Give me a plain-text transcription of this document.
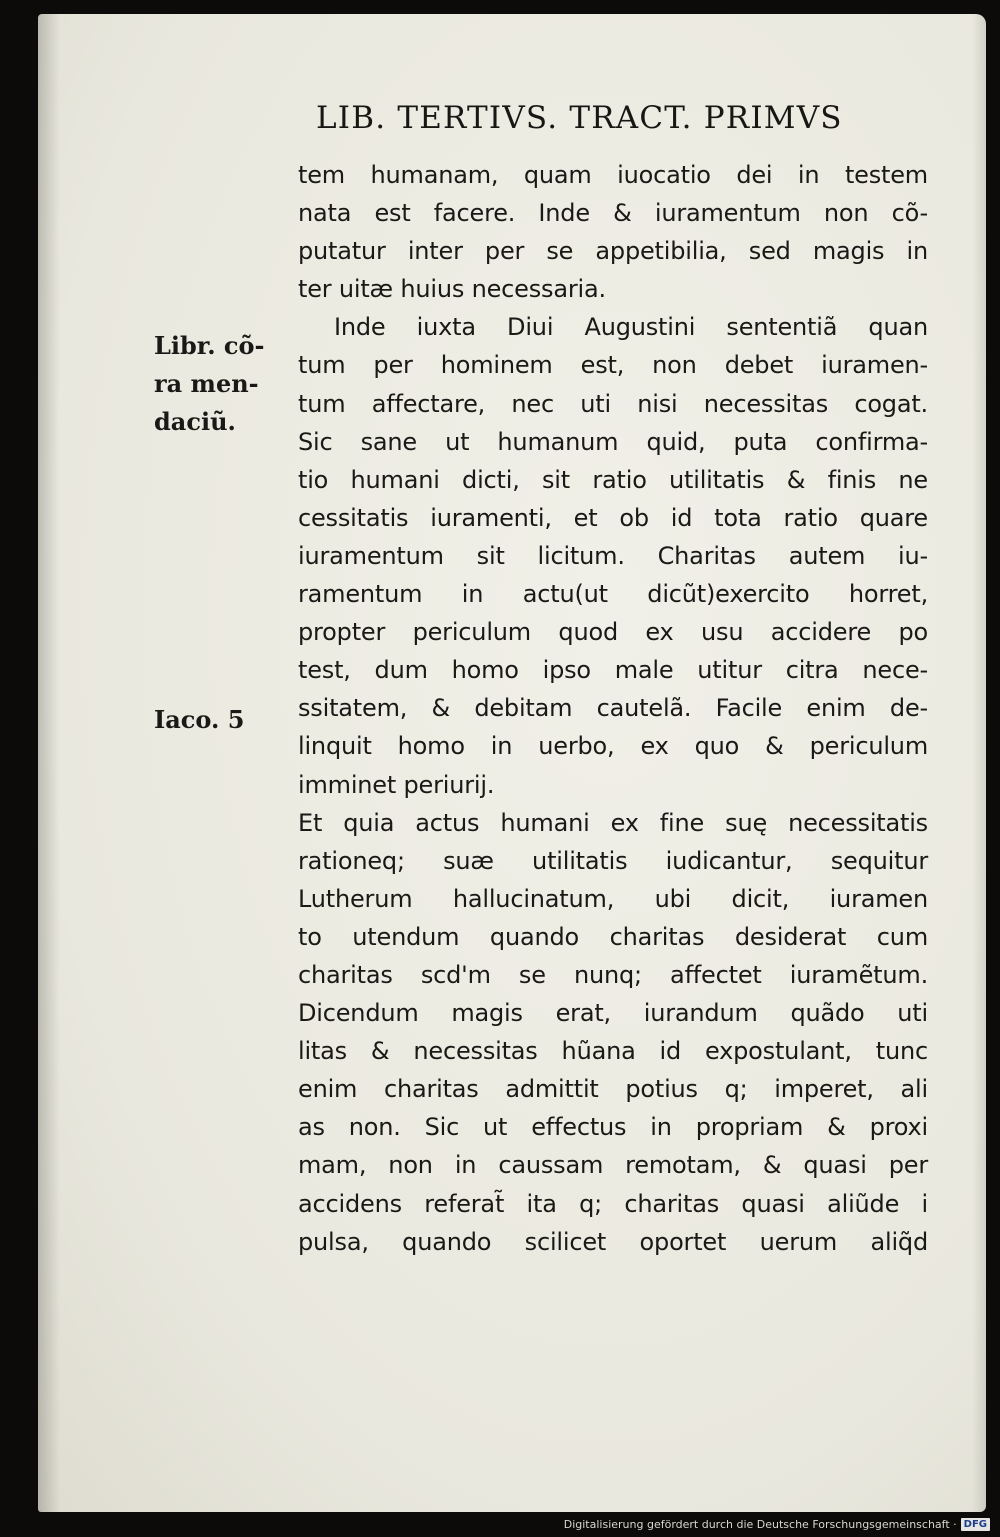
LIB. TERTIVS. TRACT. PRIMVS
Libr. cõ-
ra men-
daciũ.
Iaco. 5
tem humanam, quam iuocatio dei in testem
nata est facere. Inde & iuramentum non cõ-
putatur inter per se appetibilia, sed magis in
ter uitæ huius necessaria.
Inde iuxta Diui Augustini sententiã quan
tum per hominem est, non debet iuramen-
tum affectare, nec uti nisi necessitas cogat.
Sic sane ut humanum quid, puta confirma-
tio humani dicti, sit ratio utilitatis & finis ne
cessitatis iuramenti, et ob id tota ratio quare
iuramentum sit licitum. Charitas autem iu-
ramentum in actu(ut dicũt)exercito horret,
propter periculum quod ex usu accidere po
test, dum homo ipso male utitur citra nece-
ssitatem, & debitam cautelã. Facile enim de-
linquit homo in uerbo, ex quo & periculum
imminet periurij.
Et quia actus humani ex fine suę necessitatis
rationeq; suæ utilitatis iudicantur, sequitur
Lutherum hallucinatum, ubi dicit, iuramen
to utendum quando charitas desiderat cum
charitas scd'm se nunq; affectet iuramẽtum.
Dicendum magis erat, iurandum quãdo uti
litas & necessitas hũana id expostulant, tunc
enim charitas admittit potius q; imperet, ali
as non. Sic ut effectus in propriam & proxi
mam, non in caussam remotam, & quasi per
accidens referat̃ ita q; charitas quasi aliũde i
pulsa, quando scilicet oportet uerum aliq̃d
Digitalisierung gefördert durch die Deutsche Forschungsgemeinschaft · DFG
